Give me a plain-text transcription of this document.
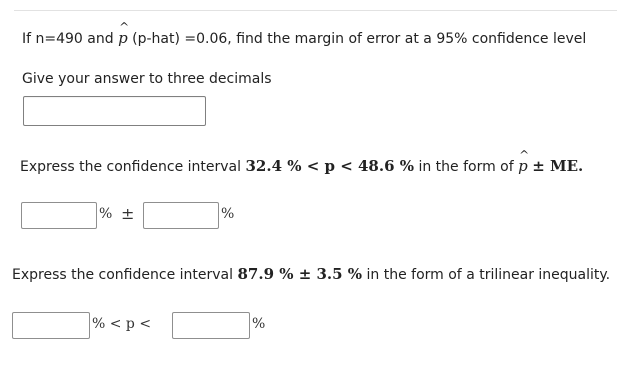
If n=490 and ^ p (p-hat) =0.06, find the margin of error at a 95% confidence level
Give your answer to three decimals
Express the confidence interval 32.4 % < p < 48.6 % in the form of ^ p ± ME.
% ±	%
Express the confidence interval 87.9 % ± 3.5 % in the form of a trilinear inequality.
% < p <	%
